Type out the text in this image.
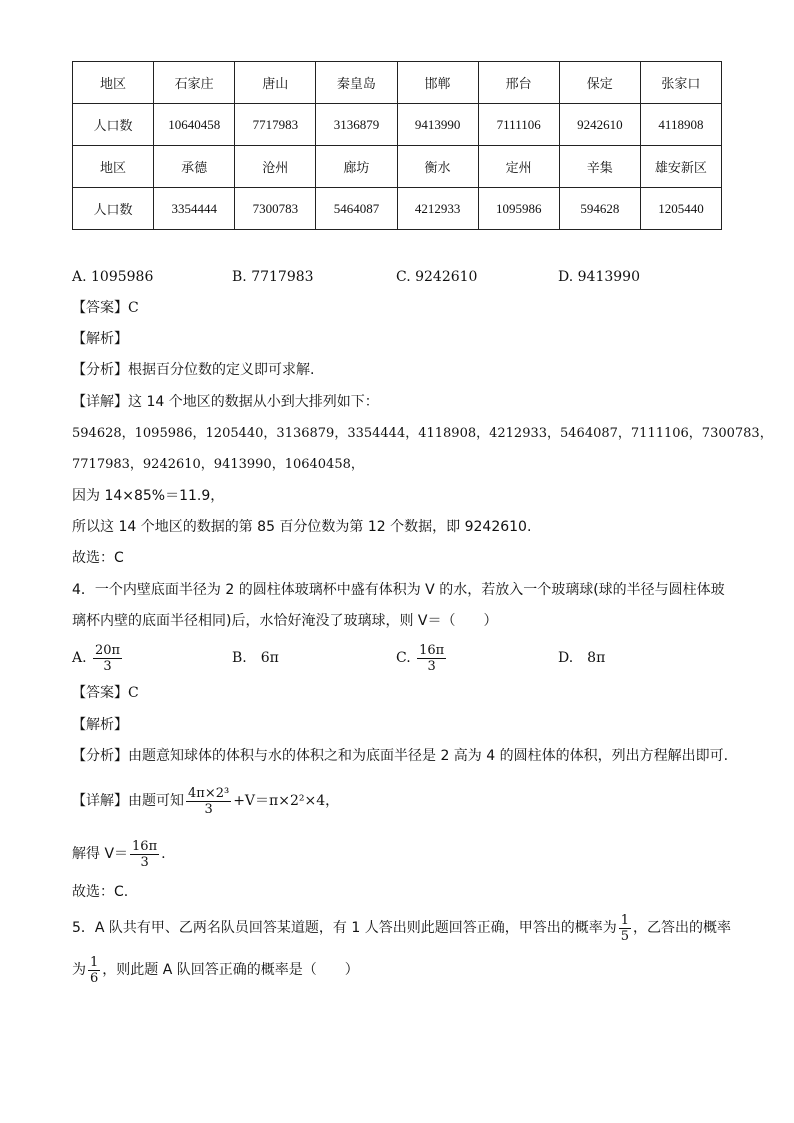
地区	石家庄	唐山	秦皇岛	邯郸	邢台	保定	张家口
人口数	10640458	7717983	3136879	9413990	7111106	9242610	4118908
地区	承德	沧州	廊坊	衡水	定州	辛集	雄安新区
人口数	3354444	7300783	5464087	4212933	1095986	594628	1205440
A. 1095986	B. 7717983	C. 9242610	D. 9413990
【答案】C
【解析】
【分析】根据百分位数的定义即可求解.
【详解】这 14 个地区的数据从小到大排列如下：
594628，1095986，1205440，3136879，3354444，4118908，4212933，5464087，7111106，7300783，
7717983，9242610，9413990，10640458，
因为 14×85%＝11.9，
所以这 14 个地区的数据的第 85 百分位数为第 12 个数据，即 9242610.
故选：C
4．一个内壁底面半径为 2 的圆柱体玻璃杯中盛有体积为 V 的水，若放入一个玻璃球(球的半径与圆柱体玻
璃杯内壁的底面半径相同)后，水恰好淹没了玻璃球，则 V＝（　　）
A. $\frac{20\pi}{3}$	B.　6π	C. $\frac{16\pi}{3}$	D.　8π
【答案】C
【解析】
【分析】由题意知球体的体积与水的体积之和为底面半径是 2 高为 4 的圆柱体的体积，列出方程解出即可.
【详解】由题可知 $\frac{\text{4π×2³}}{3} +V=\pi\times 2^2\times 4$，
解得 $V= \frac{16\pi}{3}$ .
故选：C.
5．A 队共有甲、乙两名队员回答某道题，有 1 人答出则此题回答正确，甲答出的概率为 $\frac{1}{5}$ ，乙答出的概率
为 $\frac{1}{6}$ ，则此题 A 队回答正确的概率是（　　）
